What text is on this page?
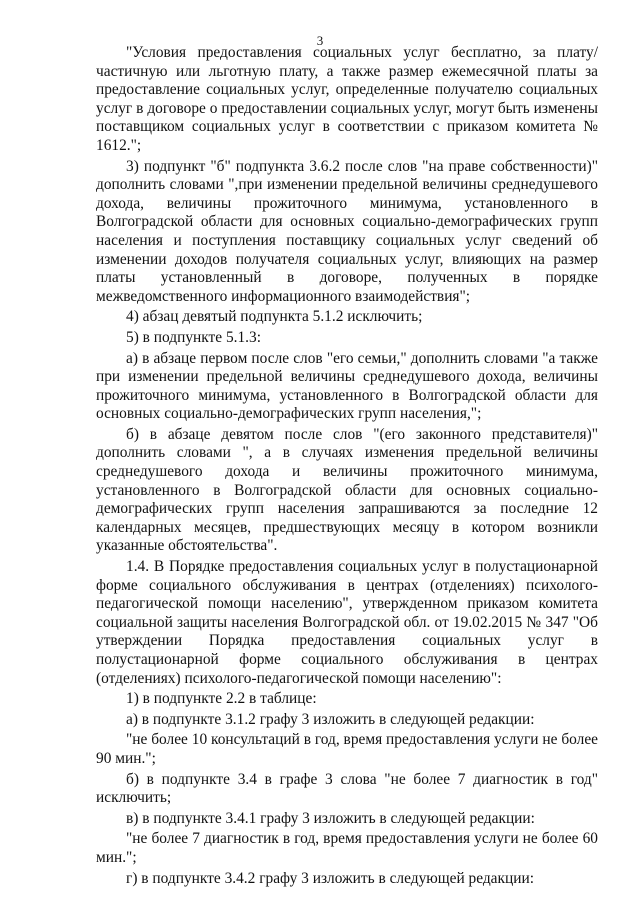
3

"Условия предоставления социальных услуг бесплатно, за плату/частичную или льготную плату, а также размер ежемесячной платы за предоставление социальных услуг, определенные получателю социальных услуг в договоре о предоставлении социальных услуг, могут быть изменены поставщиком социальных услуг в соответствии с приказом комитета № 1612.";

3) подпункт "б" подпункта 3.6.2 после слов "на праве собственности)" дополнить словами ",при изменении предельной величины среднедушевого дохода, величины прожиточного минимума, установленного в Волгоградской области для основных социально-демографических групп населения и поступления поставщику социальных услуг сведений об изменении доходов получателя социальных услуг, влияющих на размер платы установленный в договоре, полученных в порядке межведомственного информационного взаимодействия";

4) абзац девятый подпункта 5.1.2 исключить;

5) в подпункте 5.1.3:

а) в абзаце первом после слов "его семьи," дополнить словами "а также при изменении предельной величины среднедушевого дохода, величины прожиточного минимума, установленного в Волгоградской области для основных социально-демографических групп населения,";

б) в абзаце девятом после слов "(его законного представителя)" дополнить словами ", а в случаях изменения предельной величины среднедушевого дохода и величины прожиточного минимума, установленного в Волгоградской области для основных социально-демографических групп населения запрашиваются за последние 12 календарных месяцев, предшествующих месяцу в котором возникли указанные обстоятельства".

1.4. В Порядке предоставления социальных услуг в полустационарной форме социального обслуживания в центрах (отделениях) психолого-педагогической помощи населению", утвержденном приказом комитета социальной защиты населения Волгоградской обл. от 19.02.2015 № 347 "Об утверждении Порядка предоставления социальных услуг в полустационарной форме социального обслуживания в центрах (отделениях) психолого-педагогической помощи населению":

1) в подпункте 2.2 в таблице:

а) в подпункте 3.1.2 графу 3 изложить в следующей редакции:

"не более 10 консультаций в год, время предоставления услуги не более 90 мин.";

б) в подпункте 3.4 в графе 3 слова "не более 7 диагностик в год" исключить;

в) в подпункте 3.4.1 графу 3 изложить в следующей редакции:

"не более 7 диагностик в год, время предоставления услуги не более 60 мин.";

г) в подпункте 3.4.2 графу 3 изложить в следующей редакции:
